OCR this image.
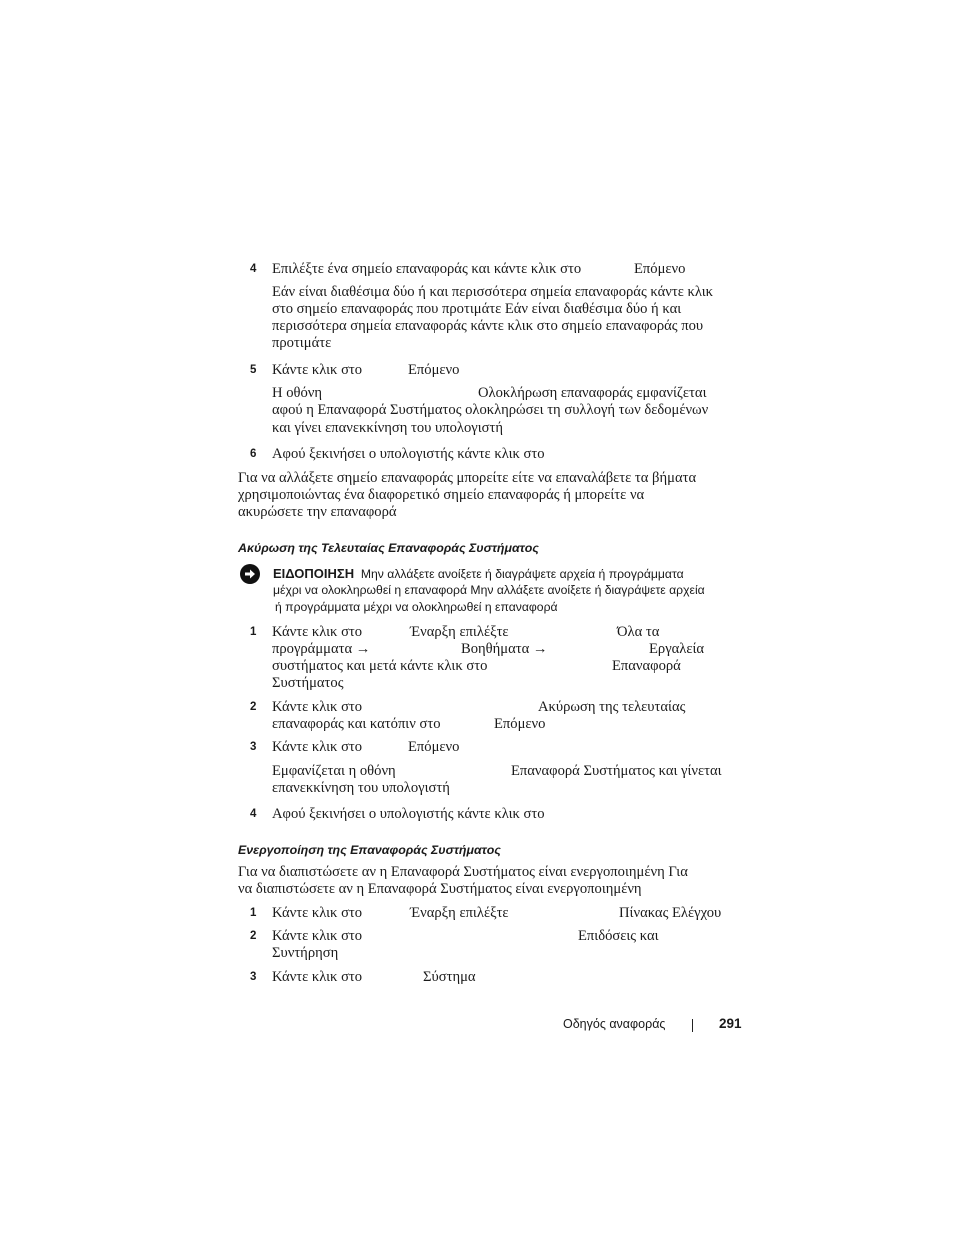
4 Επιλέξτε ένα σημείο επαναφοράς και κάντε κλικ στο	Επόμενο
Εάν είναι διαθέσιμα δύο ή και περισσότερα σημεία επαναφοράς κάντε κλικ
στο σημείο επαναφοράς που προτιμάτε Εάν είναι διαθέσιμα δύο ή και
περισσότερα σημεία επαναφοράς κάντε κλικ στο σημείο επαναφοράς που
προτιμάτε
5 Κάντε κλικ στο	Επόμενο
Η οθόνη	Ολοκλήρωση επαναφοράς εμφανίζεται
αφού η Επαναφορά Συστήματος ολοκληρώσει τη συλλογή των δεδομένων
και γίνει επανεκκίνηση του υπολογιστή
6 Αφού ξεκινήσει ο υπολογιστής κάντε κλικ στο
Για να αλλάξετε σημείο επαναφοράς μπορείτε είτε να επαναλάβετε τα βήματα
χρησιμοποιώντας ένα διαφορετικό σημείο επαναφοράς ή μπορείτε να
ακυρώσετε την επαναφορά
Ακύρωση της Τελευταίας Επαναφοράς Συστήματος
ΕΙΔΟΠΟΙΗΣΗ Μην αλλάξετε ανοίξετε ή διαγράψετε αρχεία ή προγράμματα
μέχρι να ολοκληρωθεί η επαναφορά Μην αλλάξετε ανοίξετε ή διαγράψετε αρχεία
ή προγράμματα μέχρι να ολοκληρωθεί η επαναφορά
1 Κάντε κλικ στο	Έναρξη επιλέξτε	Όλα τα
προγράμματα →	Βοηθήματα →	Εργαλεία
συστήματος και μετά κάντε κλικ στο	Επαναφορά
Συστήματος
2 Κάντε κλικ στο	Ακύρωση της τελευταίας
επαναφοράς και κατόπιν στο	Επόμενο
3 Κάντε κλικ στο	Επόμενο
Εμφανίζεται η οθόνη	Επαναφορά Συστήματος και γίνεται
επανεκκίνηση του υπολογιστή
4 Αφού ξεκινήσει ο υπολογιστής κάντε κλικ στο
Ενεργοποίηση της Επαναφοράς Συστήματος
Για να διαπιστώσετε αν η Επαναφορά Συστήματος είναι ενεργοποιημένη Για
να διαπιστώσετε αν η Επαναφορά Συστήματος είναι ενεργοποιημένη
1 Κάντε κλικ στο	Έναρξη επιλέξτε	Πίνακας Ελέγχου
2 Κάντε κλικ στο	Επιδόσεις και
Συντήρηση
3 Κάντε κλικ στο	Σύστημα
Οδηγός αναφοράς	291
